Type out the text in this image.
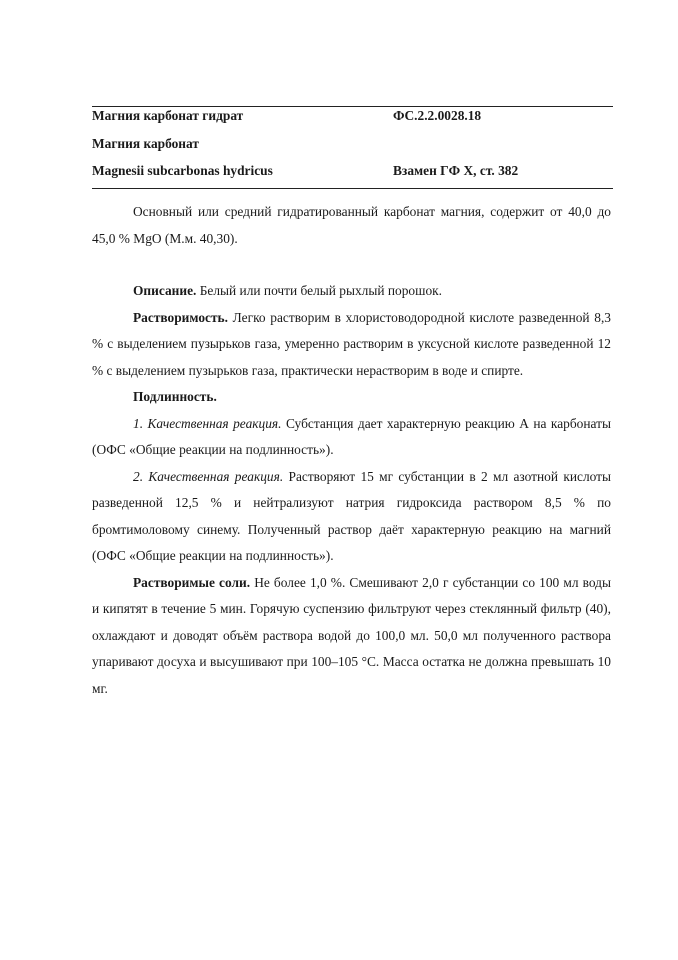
Магния карбонат гидрат	ФС.2.2.0028.18
Магния карбонат
Magnesii subcarbonas hydricus	Взамен ГФ X, ст. 382

Основный или средний гидратированный карбонат магния, содержит от 40,0 до 45,0 % MgO (М.м. 40,30).

Описание. Белый или почти белый рыхлый порошок.

Растворимость. Легко растворим в хлористоводородной кислоте разведенной 8,3 % с выделением пузырьков газа, умеренно растворим в уксусной кислоте разведенной 12 % с выделением пузырьков газа, практически нерастворим в воде и спирте.

Подлинность.

1. Качественная реакция. Субстанция дает характерную реакцию А на карбонаты (ОФС «Общие реакции на подлинность»).

2. Качественная реакция. Растворяют 15 мг субстанции в 2 мл азотной кислоты разведенной 12,5 % и нейтрализуют натрия гидроксида раствором 8,5 % по бромтимоловому синему. Полученный раствор даёт характерную реакцию на магний (ОФС «Общие реакции на подлинность»).

Растворимые соли. Не более 1,0 %. Смешивают 2,0 г субстанции со 100 мл воды и кипятят в течение 5 мин. Горячую суспензию фильтруют через стеклянный фильтр (40), охлаждают и доводят объём раствора водой до 100,0 мл. 50,0 мл полученного раствора упаривают досуха и высушивают при 100–105 °С. Масса остатка не должна превышать 10 мг.
